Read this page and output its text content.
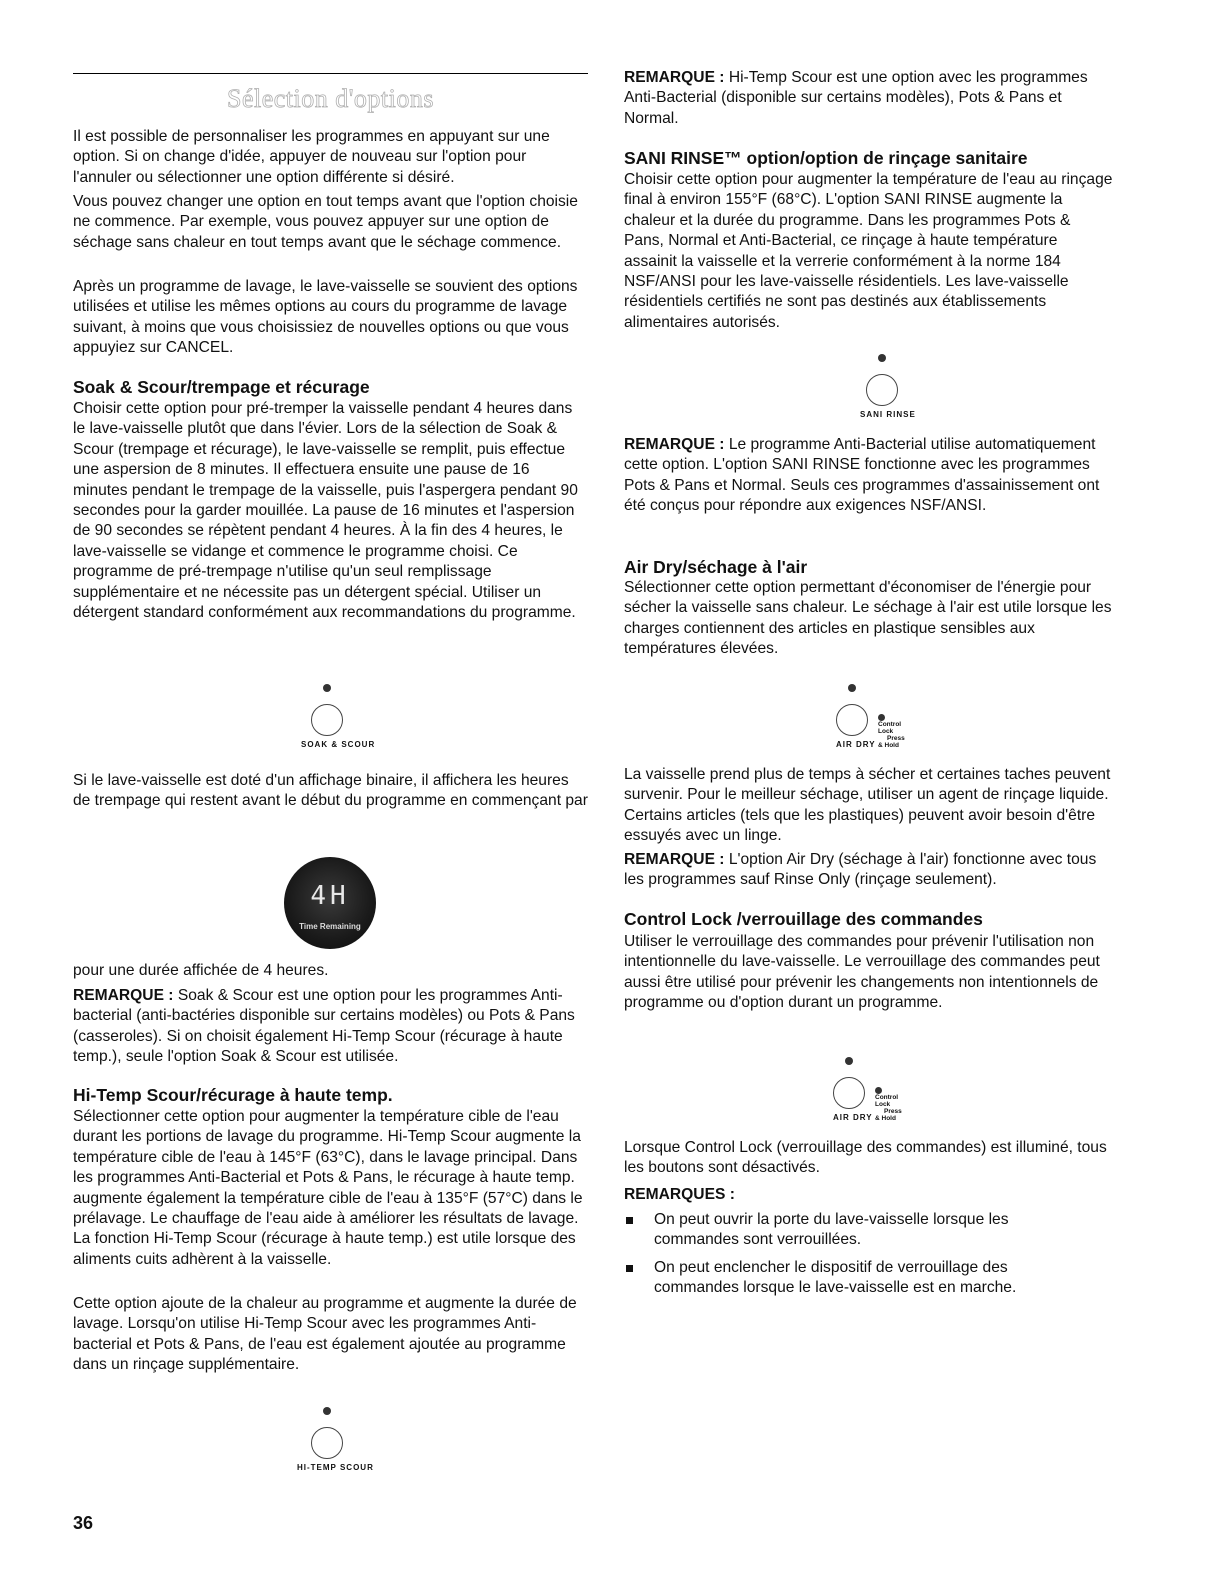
Sélection d'options

Il est possible de personnaliser les programmes en appuyant sur une option. Si on change d'idée, appuyer de nouveau sur l'option pour l'annuler ou sélectionner une option différente si désiré.

Vous pouvez changer une option en tout temps avant que l'option choisie ne commence. Par exemple, vous pouvez appuyer sur une option de séchage sans chaleur en tout temps avant que le séchage commence.

Après un programme de lavage, le lave-vaisselle se souvient des options utilisées et utilise les mêmes options au cours du programme de lavage suivant, à moins que vous choisissiez de nouvelles options ou que vous appuyiez sur CANCEL.

Soak & Scour/trempage et récurage

Choisir cette option pour pré-tremper la vaisselle pendant 4 heures dans le lave-vaisselle plutôt que dans l'évier. Lors de la sélection de Soak & Scour (trempage et récurage), le lave-vaisselle se remplit, puis effectue une aspersion de 8 minutes. Il effectuera ensuite une pause de 16 minutes pendant le trempage de la vaisselle, puis l'aspergera pendant 90 secondes pour la garder mouillée. La pause de 16 minutes et l'aspersion de 90 secondes se répètent pendant 4 heures. À la fin des 4 heures, le lave-vaisselle se vidange et commence le programme choisi. Ce programme de pré-trempage n'utilise qu'un seul remplissage supplémentaire et ne nécessite pas un détergent spécial. Utiliser un détergent standard conformément aux recommandations du programme.

SOAK & SCOUR

Si le lave-vaisselle est doté d'un affichage binaire, il affichera les heures de trempage qui restent avant le début du programme en commençant par

4H
Time Remaining

pour une durée affichée de 4 heures.

REMARQUE : Soak & Scour est une option pour les programmes Anti-bacterial (anti-bactéries disponible sur certains modèles) ou Pots & Pans (casseroles). Si on choisit également Hi-Temp Scour (récurage à haute temp.), seule l'option Soak & Scour est utilisée.

Hi-Temp Scour/récurage à haute temp.

Sélectionner cette option pour augmenter la température cible de l'eau durant les portions de lavage du programme. Hi-Temp Scour augmente la température cible de l'eau à 145°F (63°C), dans le lavage principal. Dans les programmes Anti-Bacterial et Pots & Pans, le récurage à haute temp. augmente également la température cible de l'eau à 135°F (57°C) dans le prélavage. Le chauffage de l'eau aide à améliorer les résultats de lavage. La fonction Hi-Temp Scour (récurage à haute temp.) est utile lorsque des aliments cuits adhèrent à la vaisselle.

Cette option ajoute de la chaleur au programme et augmente la durée de lavage. Lorsqu'on utilise Hi-Temp Scour avec les programmes Anti-bacterial et Pots & Pans, de l'eau est également ajoutée au programme dans un rinçage supplémentaire.

HI-TEMP SCOUR
36

REMARQUE : Hi-Temp Scour est une option avec les programmes Anti-Bacterial (disponible sur certains modèles), Pots & Pans et Normal.

SANI RINSE™ option/option de rinçage sanitaire

Choisir cette option pour augmenter la température de l'eau au rinçage final à environ 155°F (68°C). L'option SANI RINSE augmente la chaleur et la durée du programme. Dans les programmes Pots & Pans, Normal et Anti-Bacterial, ce rinçage à haute température assainit la vaisselle et la verrerie conformément à la norme 184 NSF/ANSI pour les lave-vaisselle résidentiels. Les lave-vaisselle résidentiels certifiés ne sont pas destinés aux établissements alimentaires autorisés.

SANI RINSE

REMARQUE : Le programme Anti-Bacterial utilise automatiquement cette option. L'option SANI RINSE fonctionne avec les programmes Pots & Pans et Normal. Seuls ces programmes d'assainissement ont été conçus pour répondre aux exigences NSF/ANSI.

Air Dry/séchage à l'air

Sélectionner cette option permettant d'économiser de l'énergie pour sécher la vaisselle sans chaleur. Le séchage à l'air est utile lorsque les charges contiennent des articles en plastique sensibles aux températures élevées.

AIR DRY
Control Lock
Press & Hold

La vaisselle prend plus de temps à sécher et certaines taches peuvent survenir. Pour le meilleur séchage, utiliser un agent de rinçage liquide. Certains articles (tels que les plastiques) peuvent avoir besoin d'être essuyés avec un linge.

REMARQUE : L'option Air Dry (séchage à l'air) fonctionne avec tous les programmes sauf Rinse Only (rinçage seulement).

Control Lock /verrouillage des commandes

Utiliser le verrouillage des commandes pour prévenir l'utilisation non intentionnelle du lave-vaisselle. Le verrouillage des commandes peut aussi être utilisé pour prévenir les changements non intentionnels de programme ou d'option durant un programme.

AIR DRY
Control Lock
Press & Hold

Lorsque Control Lock (verrouillage des commandes) est illuminé, tous les boutons sont désactivés.

REMARQUES :

On peut ouvrir la porte du lave-vaisselle lorsque les commandes sont verrouillées.

On peut enclencher le dispositif de verrouillage des commandes lorsque le lave-vaisselle est en marche.
